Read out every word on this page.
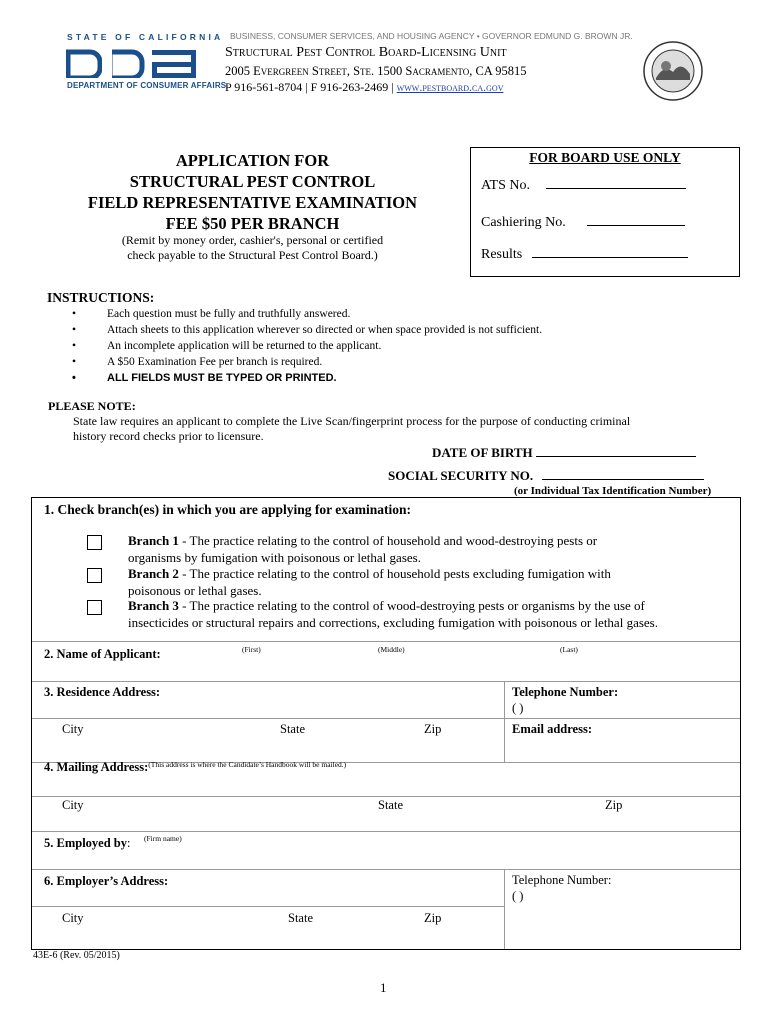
STATE OF CALIFORNIA
DEPARTMENT OF CONSUMER AFFAIRS
BUSINESS, CONSUMER SERVICES, AND HOUSING AGENCY • GOVERNOR EDMUND G. BROWN JR.
Structural Pest Control Board-Licensing Unit
2005 Evergreen Street, Ste. 1500 Sacramento, CA 95815
P 916-561-8704 | F 916-263-2469 | www.pestboard.ca.gov
APPLICATION FOR
STRUCTURAL PEST CONTROL
FIELD REPRESENTATIVE EXAMINATION
FEE $50 PER BRANCH
(Remit by money order, cashier's, personal or certified
check payable to the Structural Pest Control Board.)
FOR BOARD USE ONLY
ATS No.
Cashiering No.
Results
INSTRUCTIONS:
• Each question must be fully and truthfully answered.
• Attach sheets to this application wherever so directed or when space provided is not sufficient.
• An incomplete application will be returned to the applicant.
• A $50 Examination Fee per branch is required.
• ALL FIELDS MUST BE TYPED OR PRINTED.
PLEASE NOTE:
State law requires an applicant to complete the Live Scan/fingerprint process for the purpose of conducting criminal
history record checks prior to licensure.
DATE OF BIRTH
SOCIAL SECURITY NO.
(or Individual Tax Identification Number)
1. Check branch(es) in which you are applying for examination:
Branch 1 - The practice relating to the control of household and wood-destroying pests or
organisms by fumigation with poisonous or lethal gases.
Branch 2 - The practice relating to the control of household pests excluding fumigation with
poisonous or lethal gases.
Branch 3 - The practice relating to the control of wood-destroying pests or organisms by the use of
insecticides or structural repairs and corrections, excluding fumigation with poisonous or lethal gases.
2. Name of Applicant:	(First)	(Middle)	(Last)
3. Residence Address:	Telephone Number:
( )
City	State	Zip	Email address:
4. Mailing Address:$^{(This address is where the Candidate’s Handbook will be mailed.)}$
City	State	Zip
5. Employed by: (Firm name)
6. Employer’s Address:	Telephone Number:
( )
City	State	Zip
43E-6 (Rev. 05/2015)
1
